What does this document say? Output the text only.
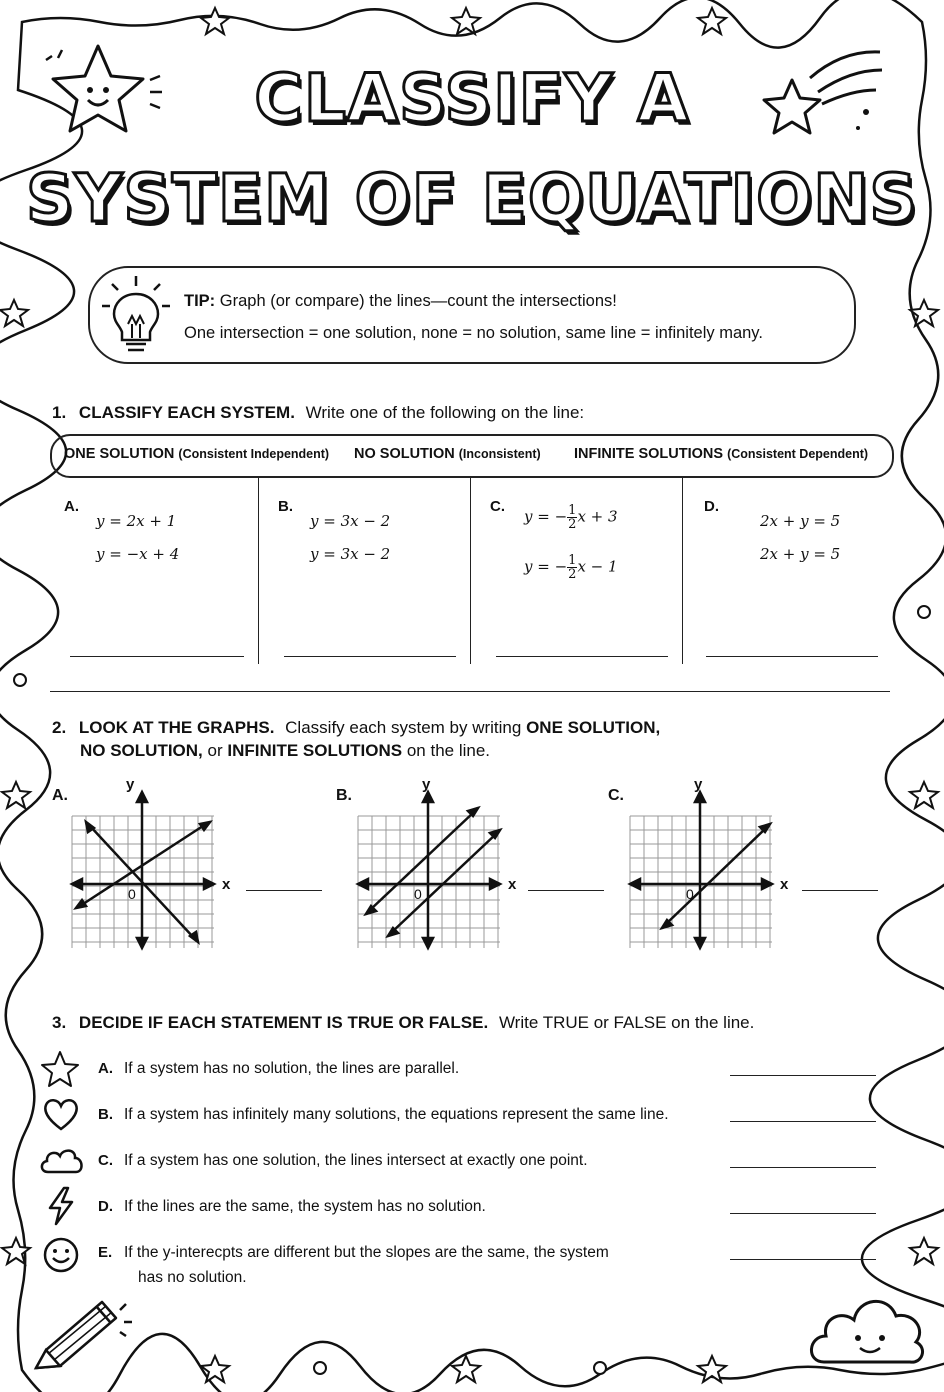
CLASSIFY A
SYSTEM OF EQUATIONS
TIP: Graph (or compare) the lines—count the intersections!
One intersection = one solution, none = no solution, same line = infinitely many.
1. CLASSIFY EACH SYSTEM. Write one of the following on the line:
ONE SOLUTION (Consistent Independent) NO SOLUTION (Inconsistent) INFINITE SOLUTIONS (Consistent Dependent)
A.
y = 2x + 1
y = −x + 4
B.
y = 3x − 2
y = 3x − 2
C.
y = − $\frac{1}{2}$ x + 3
y = − $\frac{1}{2}$ x − 1
D.
2x + y = 5
2x + y = 5
2. LOOK AT THE GRAPHS. Classify each system by writing ONE SOLUTION,
NO SOLUTION, or INFINITE SOLUTIONS on the line.
A.
y
x
0
B.
y
x
0
C.
y
x
0
3. DECIDE IF EACH STATEMENT IS TRUE OR FALSE. Write TRUE or FALSE on the line.
A. If a system has no solution, the lines are parallel.
B. If a system has infinitely many solutions, the equations represent the same line.
C. If a system has one solution, the lines intersect at exactly one point.
D. If the lines are the same, the system has no solution.
E. If the y-interecpts are different but the slopes are the same, the system
has no solution.
